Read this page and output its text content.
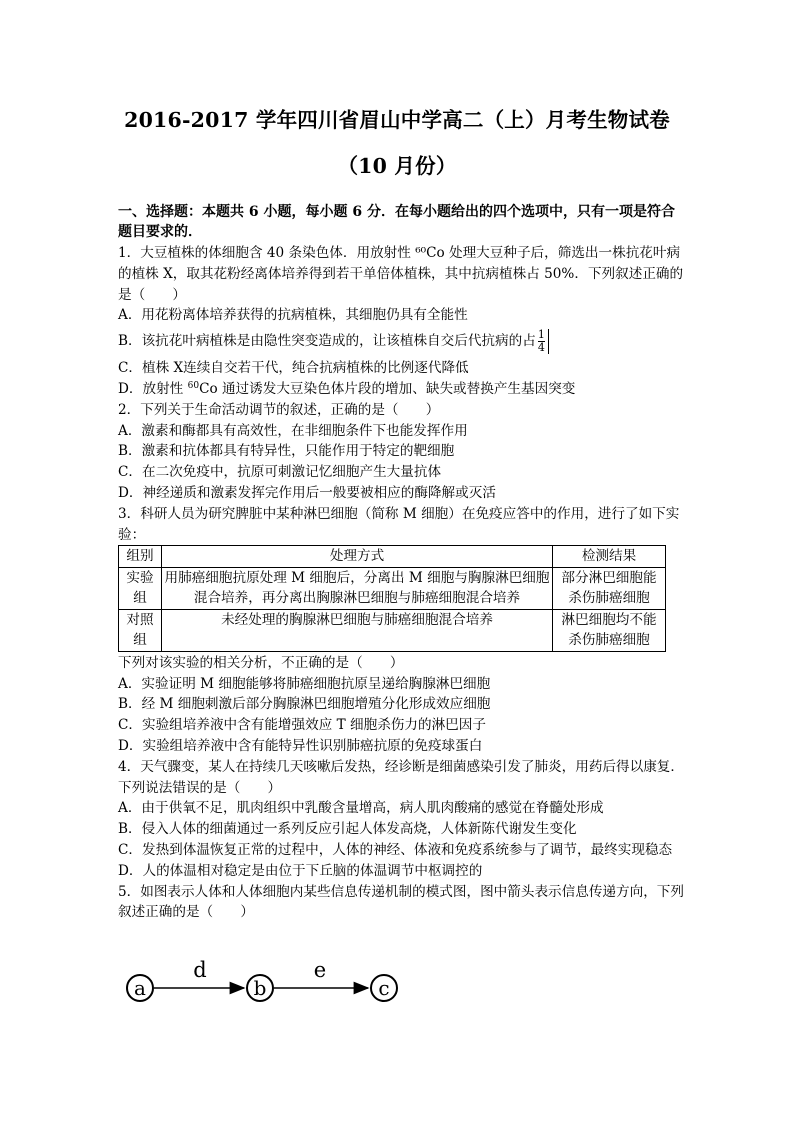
2016-2017 学年四川省眉山中学高二（上）月考生物试卷（10 月份）
一、选择题：本题共 6 小题，每小题 6 分．在每小题给出的四个选项中，只有一项是符合题目要求的．

1．大豆植株的体细胞含 40 条染色体．用放射性 ⁶⁰Co 处理大豆种子后，筛选出一株抗花叶病的植株 X，取其花粉经离体培养得到若干单倍体植株，其中抗病植株占 50%．下列叙述正确的是（　　）

A．用花粉离体培养获得的抗病植株，其细胞仍具有全能性

B．该抗花叶病植株是由隐性突变造成的，让该植株自交后代抗病的占 $\frac{1}{4}$

C．植株 X连续自交若干代，纯合抗病植株的比例逐代降低

D．放射性 $^{60}$Co 通过诱发大豆染色体片段的增加、缺失或替换产生基因突变

2．下列关于生命活动调节的叙述，正确的是（　　）

A．激素和酶都具有高效性，在非细胞条件下也能发挥作用

B．激素和抗体都具有特异性，只能作用于特定的靶细胞

C．在二次免疫中，抗原可刺激记忆细胞产生大量抗体

D．神经递质和激素发挥完作用后一般要被相应的酶降解或灭活

3．科研人员为研究脾脏中某种淋巴细胞（简称 M 细胞）在免疫应答中的作用，进行了如下实验：

组别	处理方式	检测结果
实验组	用肺癌细胞抗原处理 M 细胞后，分离出 M 细胞与胸腺淋巴细胞混合培养，再分离出胸腺淋巴细胞与肺癌细胞混合培养	部分淋巴细胞能杀伤肺癌细胞
对照组	未经处理的胸腺淋巴细胞与肺癌细胞混合培养	淋巴细胞均不能杀伤肺癌细胞

下列对该实验的相关分析，不正确的是（　　）

A．实验证明 M 细胞能够将肺癌细胞抗原呈递给胸腺淋巴细胞

B．经 M 细胞刺激后部分胸腺淋巴细胞增殖分化形成效应细胞

C．实验组培养液中含有能增强效应 T 细胞杀伤力的淋巴因子

D．实验组培养液中含有能特异性识别肺癌抗原的免疫球蛋白

4．天气骤变，某人在持续几天咳嗽后发热，经诊断是细菌感染引发了肺炎，用药后得以康复．下列说法错误的是（　　）

A．由于供氧不足，肌肉组织中乳酸含量增高，病人肌肉酸痛的感觉在脊髓处形成

B．侵入人体的细菌通过一系列反应引起人体发高烧，人体新陈代谢发生变化

C．发热到体温恢复正常的过程中，人体的神经、体液和免疫系统参与了调节，最终实现稳态

D．人的体温相对稳定是由位于下丘脑的体温调节中枢调控的

5．如图表示人体和人体细胞内某些信息传递机制的模式图，图中箭头表示信息传递方向，下列叙述正确的是（　　）

a
d
b
e
c
